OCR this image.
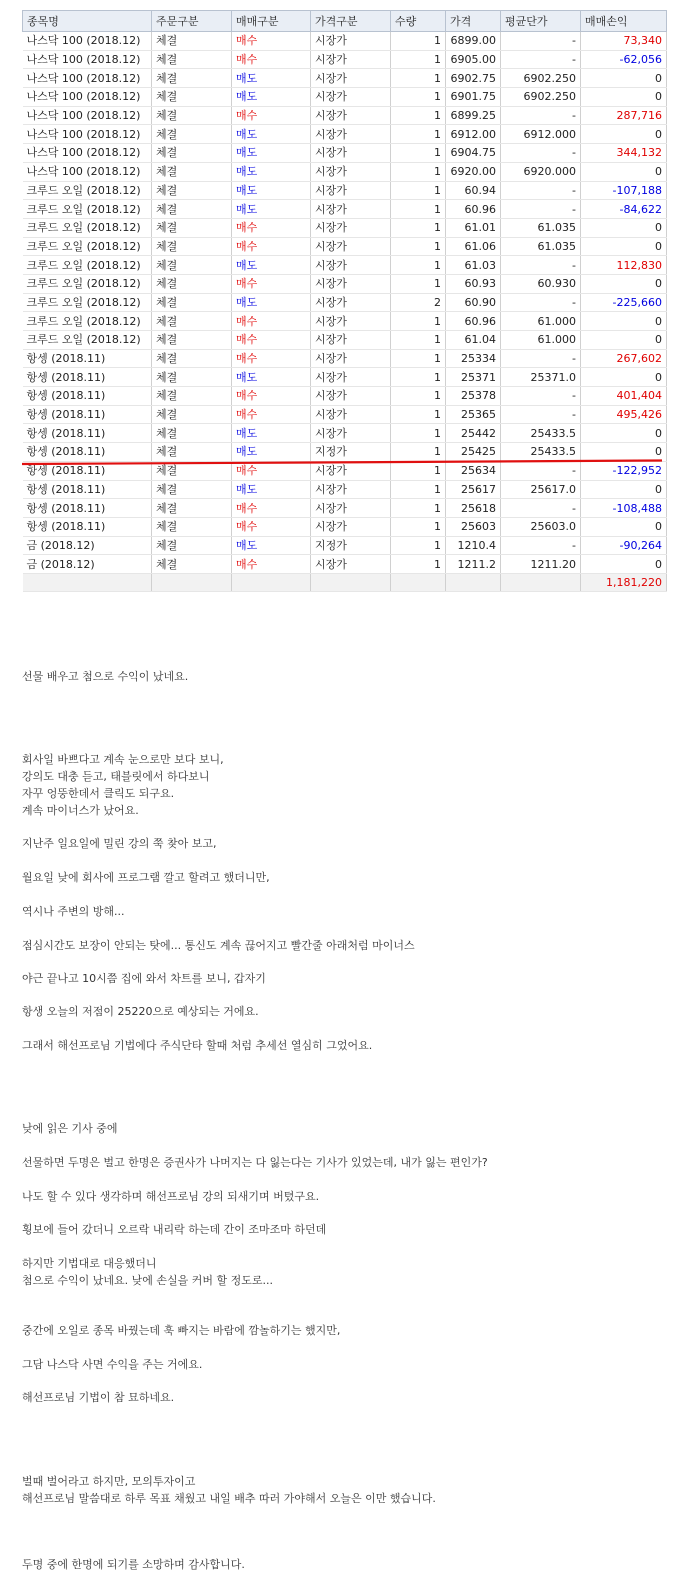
종목명	주문구분	매매구분	가격구분	수량	가격	평균단가	매매손익
나스닥 100 (2018.12)	체결	매수	시장가	1	6899.00	-	73,340
나스닥 100 (2018.12)	체결	매수	시장가	1	6905.00	-	-62,056
나스닥 100 (2018.12)	체결	매도	시장가	1	6902.75	6902.250	0
나스닥 100 (2018.12)	체결	매도	시장가	1	6901.75	6902.250	0
나스닥 100 (2018.12)	체결	매수	시장가	1	6899.25	-	287,716
나스닥 100 (2018.12)	체결	매도	시장가	1	6912.00	6912.000	0
나스닥 100 (2018.12)	체결	매도	시장가	1	6904.75	-	344,132
나스닥 100 (2018.12)	체결	매도	시장가	1	6920.00	6920.000	0
크루드 오일 (2018.12)	체결	매도	시장가	1	60.94	-	-107,188
크루드 오일 (2018.12)	체결	매도	시장가	1	60.96	-	-84,622
크루드 오일 (2018.12)	체결	매수	시장가	1	61.01	61.035	0
크루드 오일 (2018.12)	체결	매수	시장가	1	61.06	61.035	0
크루드 오일 (2018.12)	체결	매도	시장가	1	61.03	-	112,830
크루드 오일 (2018.12)	체결	매수	시장가	1	60.93	60.930	0
크루드 오일 (2018.12)	체결	매도	시장가	2	60.90	-	-225,660
크루드 오일 (2018.12)	체결	매수	시장가	1	60.96	61.000	0
크루드 오일 (2018.12)	체결	매수	시장가	1	61.04	61.000	0
항셍 (2018.11)	체결	매수	시장가	1	25334	-	267,602
항셍 (2018.11)	체결	매도	시장가	1	25371	25371.0	0
항셍 (2018.11)	체결	매수	시장가	1	25378	-	401,404
항셍 (2018.11)	체결	매수	시장가	1	25365	-	495,426
항셍 (2018.11)	체결	매도	시장가	1	25442	25433.5	0
항셍 (2018.11)	체결	매도	지정가	1	25425	25433.5	0
항셍 (2018.11)	체결	매수	시장가	1	25634	-	-122,952
항셍 (2018.11)	체결	매도	시장가	1	25617	25617.0	0
항셍 (2018.11)	체결	매수	시장가	1	25618	-	-108,488
항셍 (2018.11)	체결	매수	시장가	1	25603	25603.0	0
금 (2018.12)	체결	매도	지정가	1	1210.4	-	-90,264
금 (2018.12)	체결	매수	시장가	1	1211.2	1211.20	0
							1,181,220
선물 배우고 첨으로 수익이 났네요.
회사일 바쁘다고 계속 눈으로만 보다 보니,
강의도 대충 듣고, 태블릿에서 하다보니
자꾸 엉뚱한데서 클릭도 되구요.
계속 마이너스가 났어요.
지난주 일요일에 밀린 강의 쭉 찾아 보고,
월요일 낮에 회사에 프로그램 깔고 할려고 했더니만,
역시나 주변의 방해...
점심시간도 보장이 안되는 탓에... 통신도 계속 끊어지고 빨간줄 아래처럼 마이너스
야근 끝나고 10시쯤 집에 와서 차트를 보니, 갑자기
항생 오늘의 저점이 25220으로 예상되는 거에요.
그래서 해선프로님 기법에다 주식단타 할때 처럼 추세선 열심히 그었어요.
낮에 읽은 기사 중에
선물하면 두명은 벌고 한명은 증권사가 나머지는 다 잃는다는 기사가 있었는데, 내가 잃는 편인가?
나도 할 수 있다 생각하며 해선프로님 강의 되새기며 버텼구요.
횡보에 들어 갔더니 오르락 내리락 하는데 간이 조마조마 하던데
하지만 기법대로 대응했더니
첨으로 수익이 났네요. 낮에 손실을 커버 할 정도로...
중간에 오일로 종목 바꿨는데 훅 빠지는 바람에 깜놀하기는 했지만,
그담 나스닥 사면 수익을 주는 거에요.
해선프로님 기법이 참 묘하네요.
벌때 벌어라고 하지만, 모의투자이고
해선프로님 말씀대로 하루 목표 채웠고 내일 배추 따러 가야해서 오늘은 이만 했습니다.
두명 중에 한명에 되기를 소망하며 감사합니다.
